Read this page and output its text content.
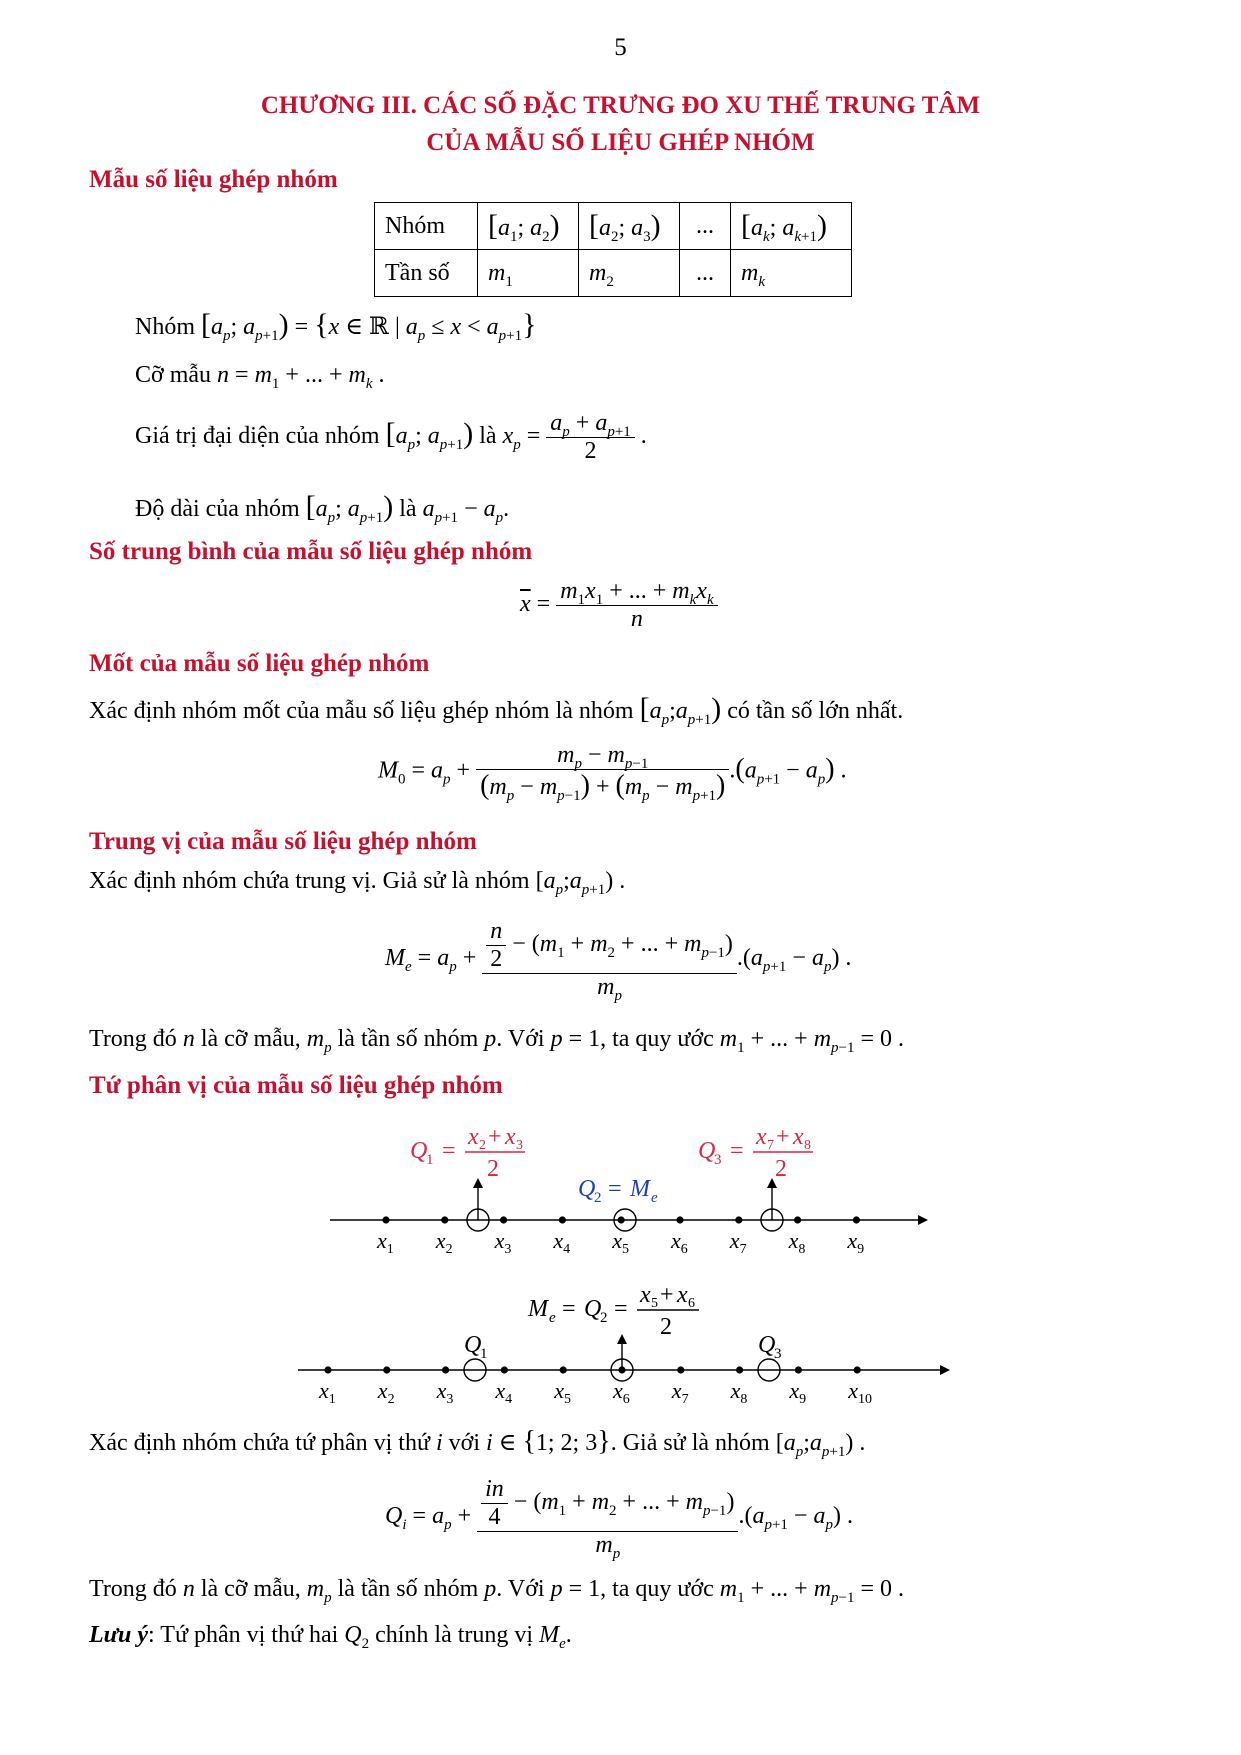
5
CHƯƠNG III. CÁC SỐ ĐẶC TRƯNG ĐO XU THẾ TRUNG TÂM
CỦA MẪU SỐ LIỆU GHÉP NHÓM
Mẫu số liệu ghép nhóm
Nhóm	[$a_1$; $a_2$)	[$a_2$; $a_3$)	...	[$a_k$; $a_{k+1}$)
Tần số	$m_1$	$m_2$	...	$m_k$
Nhóm [$a_p$; $a_{p+1}) = \{x$ ∈ ℝ | $a_p \le x < a_{p+1}$}
Cỡ mẫu $n = m_1$ + ... + $m_k$ .
Giá trị đại diện của nhóm [$a_p$; $a_{p+1}$) là $x_p = \frac{a_p + a_{p+1}}{2}$ .
Độ dài của nhóm [$a_p$; $a_{p+1}$) là $a_{p+1} - a_p$.
Số trung bình của mẫu số liệu ghép nhóm
$\overline{x} = \frac{m_1x_1 + ... + m_kx_k}{n}$
Mốt của mẫu số liệu ghép nhóm
Xác định nhóm mốt của mẫu số liệu ghép nhóm là nhóm $[a_p;a_{p+1})$ có tần số lớn nhất.
$M_0 = a_p + \frac{m_p - m_{p-1}}{(m_p - m_{p-1}) + (m_p - m_{p+1})} .(a_{p+1} - a_p)$ .
Trung vị của mẫu số liệu ghép nhóm
Xác định nhóm chứa trung vị. Giả sử là nhóm $[a_p;a_{p+1})$ .
$M_e = a_p + \frac{\frac{n}{2} - (m_1 + m_2 + ... + m_{p-1})}{m_p} .(a_{p+1} - a_p)$ .
Trong đó n là cỡ mẫu, $m_p$ là tần số nhóm p. Với p = 1, ta quy ước $m_1$ + ... + $m_{p-1} = 0$ .
Tứ phân vị của mẫu số liệu ghép nhóm
Q
1 =
x 2 + x 3
2
Q
3 =
x 7 + x 8
2
Q
2 = M e
$x_1$ $x_2$ $x_3$ $x_4$ $x_5$ $x_6$ $x_7$ $x_8$ $x_9$
M e = Q
2 =
x 5 + x 6
2
Q
1	Q
3
$x_1$ $x_2$ $x_3$ $x_4$ $x_5$ $x_6$ $x_7$ $x_8$ $x_9$ $x_{10}$
Xác định nhóm chứa tứ phân vị thứ i với i ∈ {1; 2; 3}. Giả sử là nhóm $[a_p;a_{p+1})$ .
$Q_i = a_p + \frac{\frac{in}{4} - (m_1 + m_2 + ... + m_{p-1})}{m_p} .(a_{p+1} - a_p)$ .
Trong đó n là cỡ mẫu, $m_p$ là tần số nhóm p. Với p = 1, ta quy ước $m_1$ + ... + $m_{p-1} = 0$ .
Lưu ý: Tứ phân vị thứ hai $Q_2$ chính là trung vị $M_e$.
